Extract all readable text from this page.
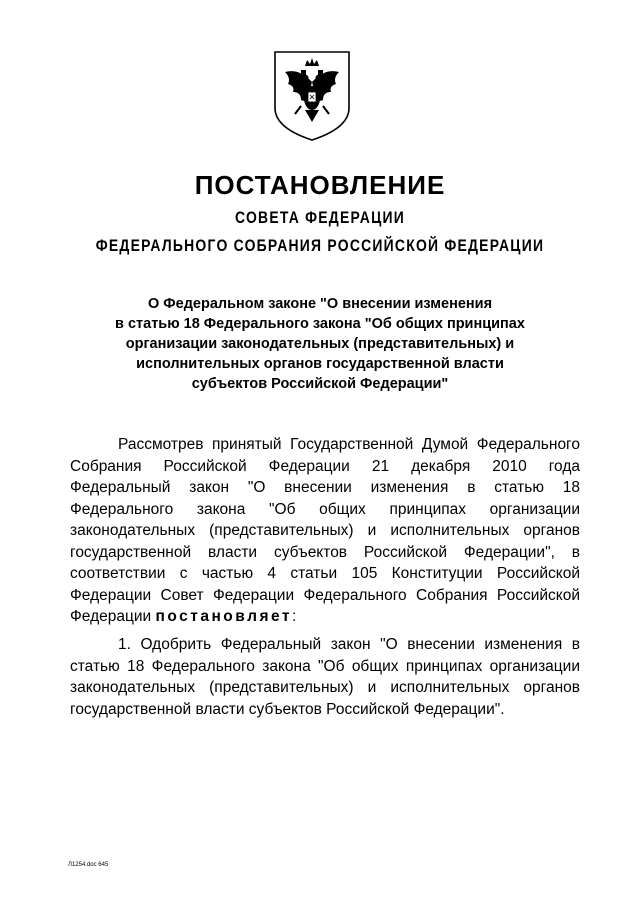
ПОСТАНОВЛЕНИЕ
СОВЕТА ФЕДЕРАЦИИ
ФЕДЕРАЛЬНОГО СОБРАНИЯ РОССИЙСКОЙ ФЕДЕРАЦИИ
О Федеральном законе "О внесении изменения
в статью 18 Федерального закона "Об общих принципах
организации законодательных (представительных) и
исполнительных органов государственной власти
субъектов Российской Федерации"
Рассмотрев принятый Государственной Думой Федерального
Собрания Российской Федерации 21 декабря 2010 года
Федеральный закон "О внесении изменения в статью 18
Федерального закона "Об общих принципах организации
законодательных (представительных) и исполнительных органов
государственной власти субъектов Российской Федерации", в
соответствии с частью 4 статьи 105 Конституции Российской
Федерации Совет Федерации Федерального Собрания Российской
Федерации постановляет:
1. Одобрить Федеральный закон "О внесении изменения в
статью 18 Федерального закона "Об общих принципах организации
законодательных (представительных) и исполнительных органов
государственной власти субъектов Российской Федерации".
Л1254.doc 645
